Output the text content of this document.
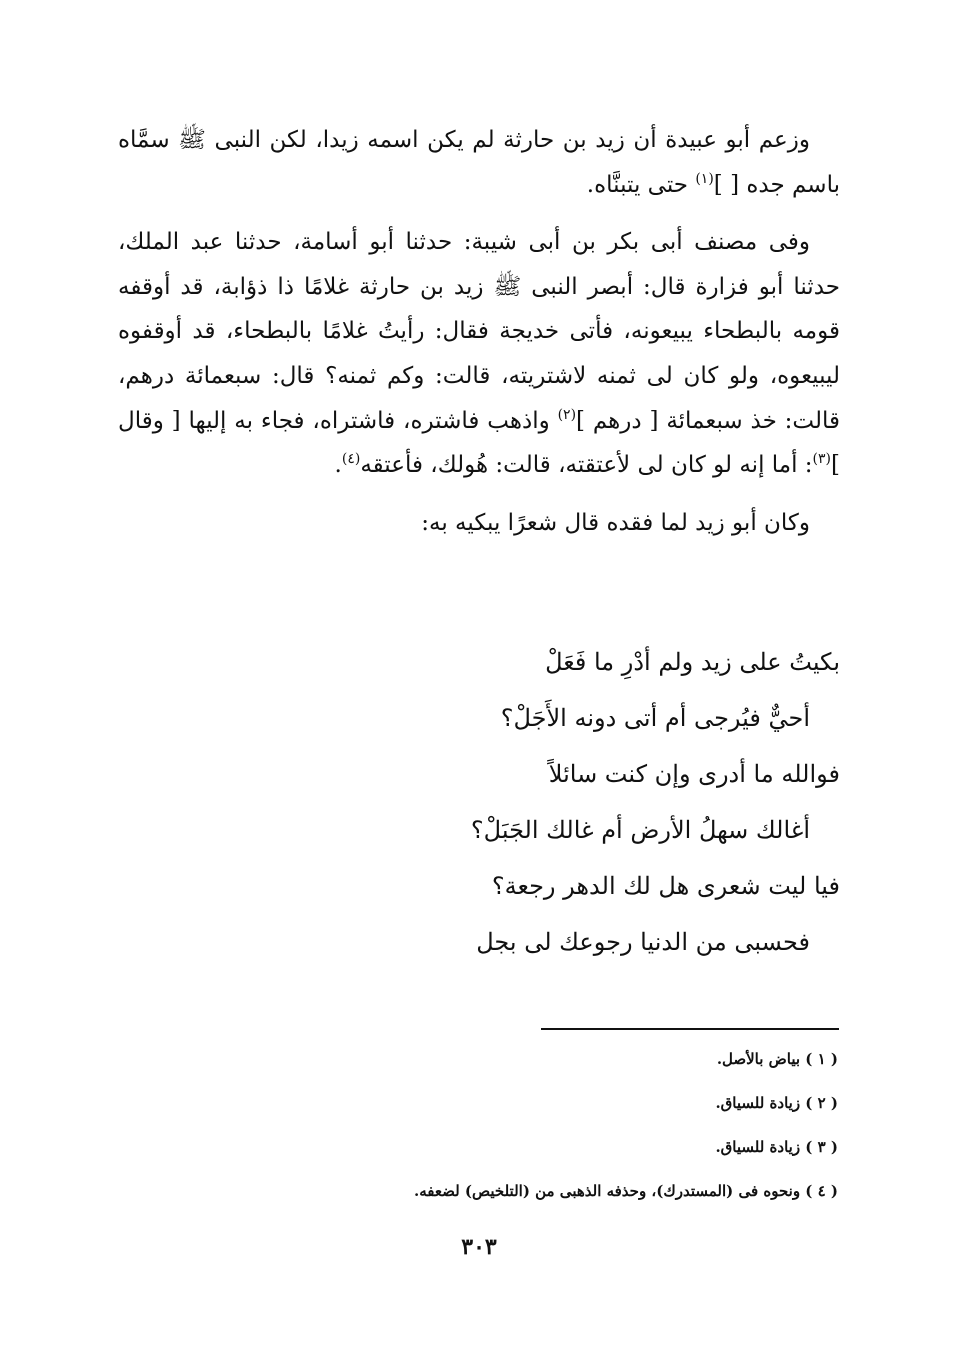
وزعم أبو عبيدة أن زيد بن حارثة لم يكن اسمه زيدا، لكن النبى ﷺ سمَّاه باسم جده [ ]$^{(١)}$ حتى يتبنَّاه.

وفى مصنف أبى بكر بن أبى شيبة: حدثنا أبو أسامة، حدثنا عبد الملك، حدثنا أبو فزارة قال: أبصر النبى ﷺ زيد بن حارثة غلامًا ذا ذؤابة، قد أوقفه قومه بالبطحاء يبيعونه، فأتى خديجة فقال: رأيتُ غلامًا بالبطحاء، قد أوقفوه ليبيعوه، ولو كان لى ثمنه لاشتريته، قالت: وكم ثمنه؟ قال: سبعمائة درهم، قالت: خذ سبعمائة [ درهم ]$^{(٢)}$ واذهب فاشتره، فاشتراه، فجاء به إليها [ وقال ]$^{(٣)}$: أما إنه لو كان لى لأعتقته، قالت: هُولك، فأعتقه$^{(٤)}$.

وكان أبو زيد لما فقده قال شعرًا يبكيه به:

بكيتُ على زيد ولم أدْرِ ما فَعَلْ
أحيٌّ فيُرجى أم أتى دونه الأَجَلْ؟
فوالله ما أدرى وإن كنت سائلاً
أغالك سهلُ الأرض أم غالك الجَبَلْ؟
فيا ليت شعرى هل لك الدهر رجعة؟
فحسبى من الدنيا رجوعك لى بجل
( ١ ) بياض بالأصل.
( ٢ ) زيادة للسياق.
( ٣ ) زيادة للسياق.
( ٤ ) ونحوه فى (المستدرك)، وحذفه الذهبى من (التلخيص) لضعفه.
٣٠٣
